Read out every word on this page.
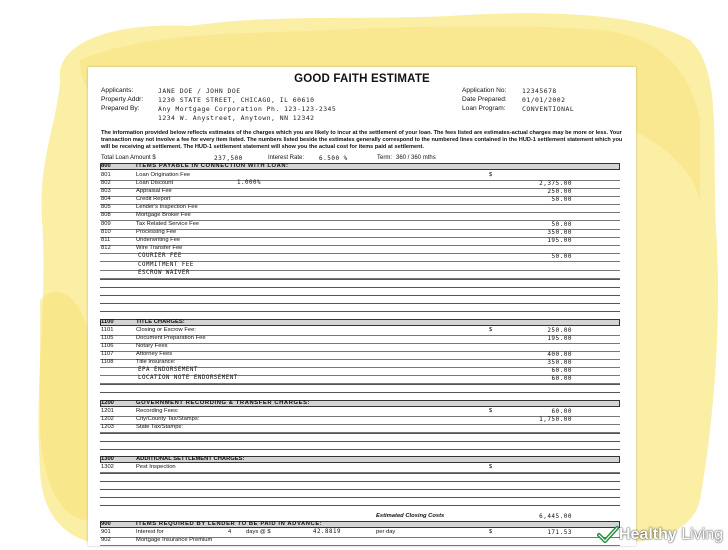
GOOD FAITH ESTIMATE
Applicants:	JANE DOE / JOHN DOE
Property Addr: 1230 STATE STREET, CHICAGO, IL 60610
Prepared By:	Any Mortgage Corporation Ph. 123-123-2345
1234 W. Anystreet, Anytown, NN 12342
Application No: 12345678
Date Prepared: 01/01/2002
Loan Program:	CONVENTIONAL
The information provided below reflects estimates of the charges which you are likely to incur at the settlement of your loan. The fees listed are estimates-actual charges may be more or less. Your transaction may not involve a fee for every item listed. The numbers listed beside the estimates generally correspond to the numbered lines contained in the HUD-1 settlement statement which you will be receiving at settlement. The HUD-1 settlement statement will show you the actual cost for items paid at settlement.
Total Loan Amount $	237,500	Interest Rate: 6.500 %	Term: 360 / 360 mths
800	ITEMS PAYABLE IN CONNECTION WITH LOAN:
801	Loan Origination Fee	$
802	Loan Discount	1.000%	2,375.00
803	Appraisal Fee	250.00
804	Credit Report	50.00
805	Lender's Inspection Fee
808	Mortgage Broker Fee
809	Tax Related Service Fee	50.00
810	Processing Fee	350.00
811	Underwriting Fee	195.00
812	Wire Transfer Fee
COURIER FEE	50.00
COMMITMENT FEE
ESCROW WAIVER
1100	TITLE CHARGES:
1101	Closing or Escrow Fee:	$	250.00
1105	Document Preparation Fee	195.00
1106	Notary Fees
1107	Attorney Fees	400.00
1108	Title Insurance:	350.00
EPA ENDORSEMENT	60.00
LOCATION NOTE ENDORSEMENT	60.00
1200	GOVERNMENT RECORDING & TRANSFER CHARGES:
1201	Recording Fees:	$	60.00
1202	City/County Tax/Stamps:	1,750.00
1203	State Tax/Stamps:
1300	ADDITIONAL SETTLEMENT CHARGES:
1302	Pest Inspection	$
Estimated Closing Costs	6,445.00
900	ITEMS REQUIRED BY LENDER TO BE PAID IN ADVANCE:
901	Interest for	4	days @ $	42.8819	per day	$	171.53
902	Mortgage Insurance Premium	Healthy Living
